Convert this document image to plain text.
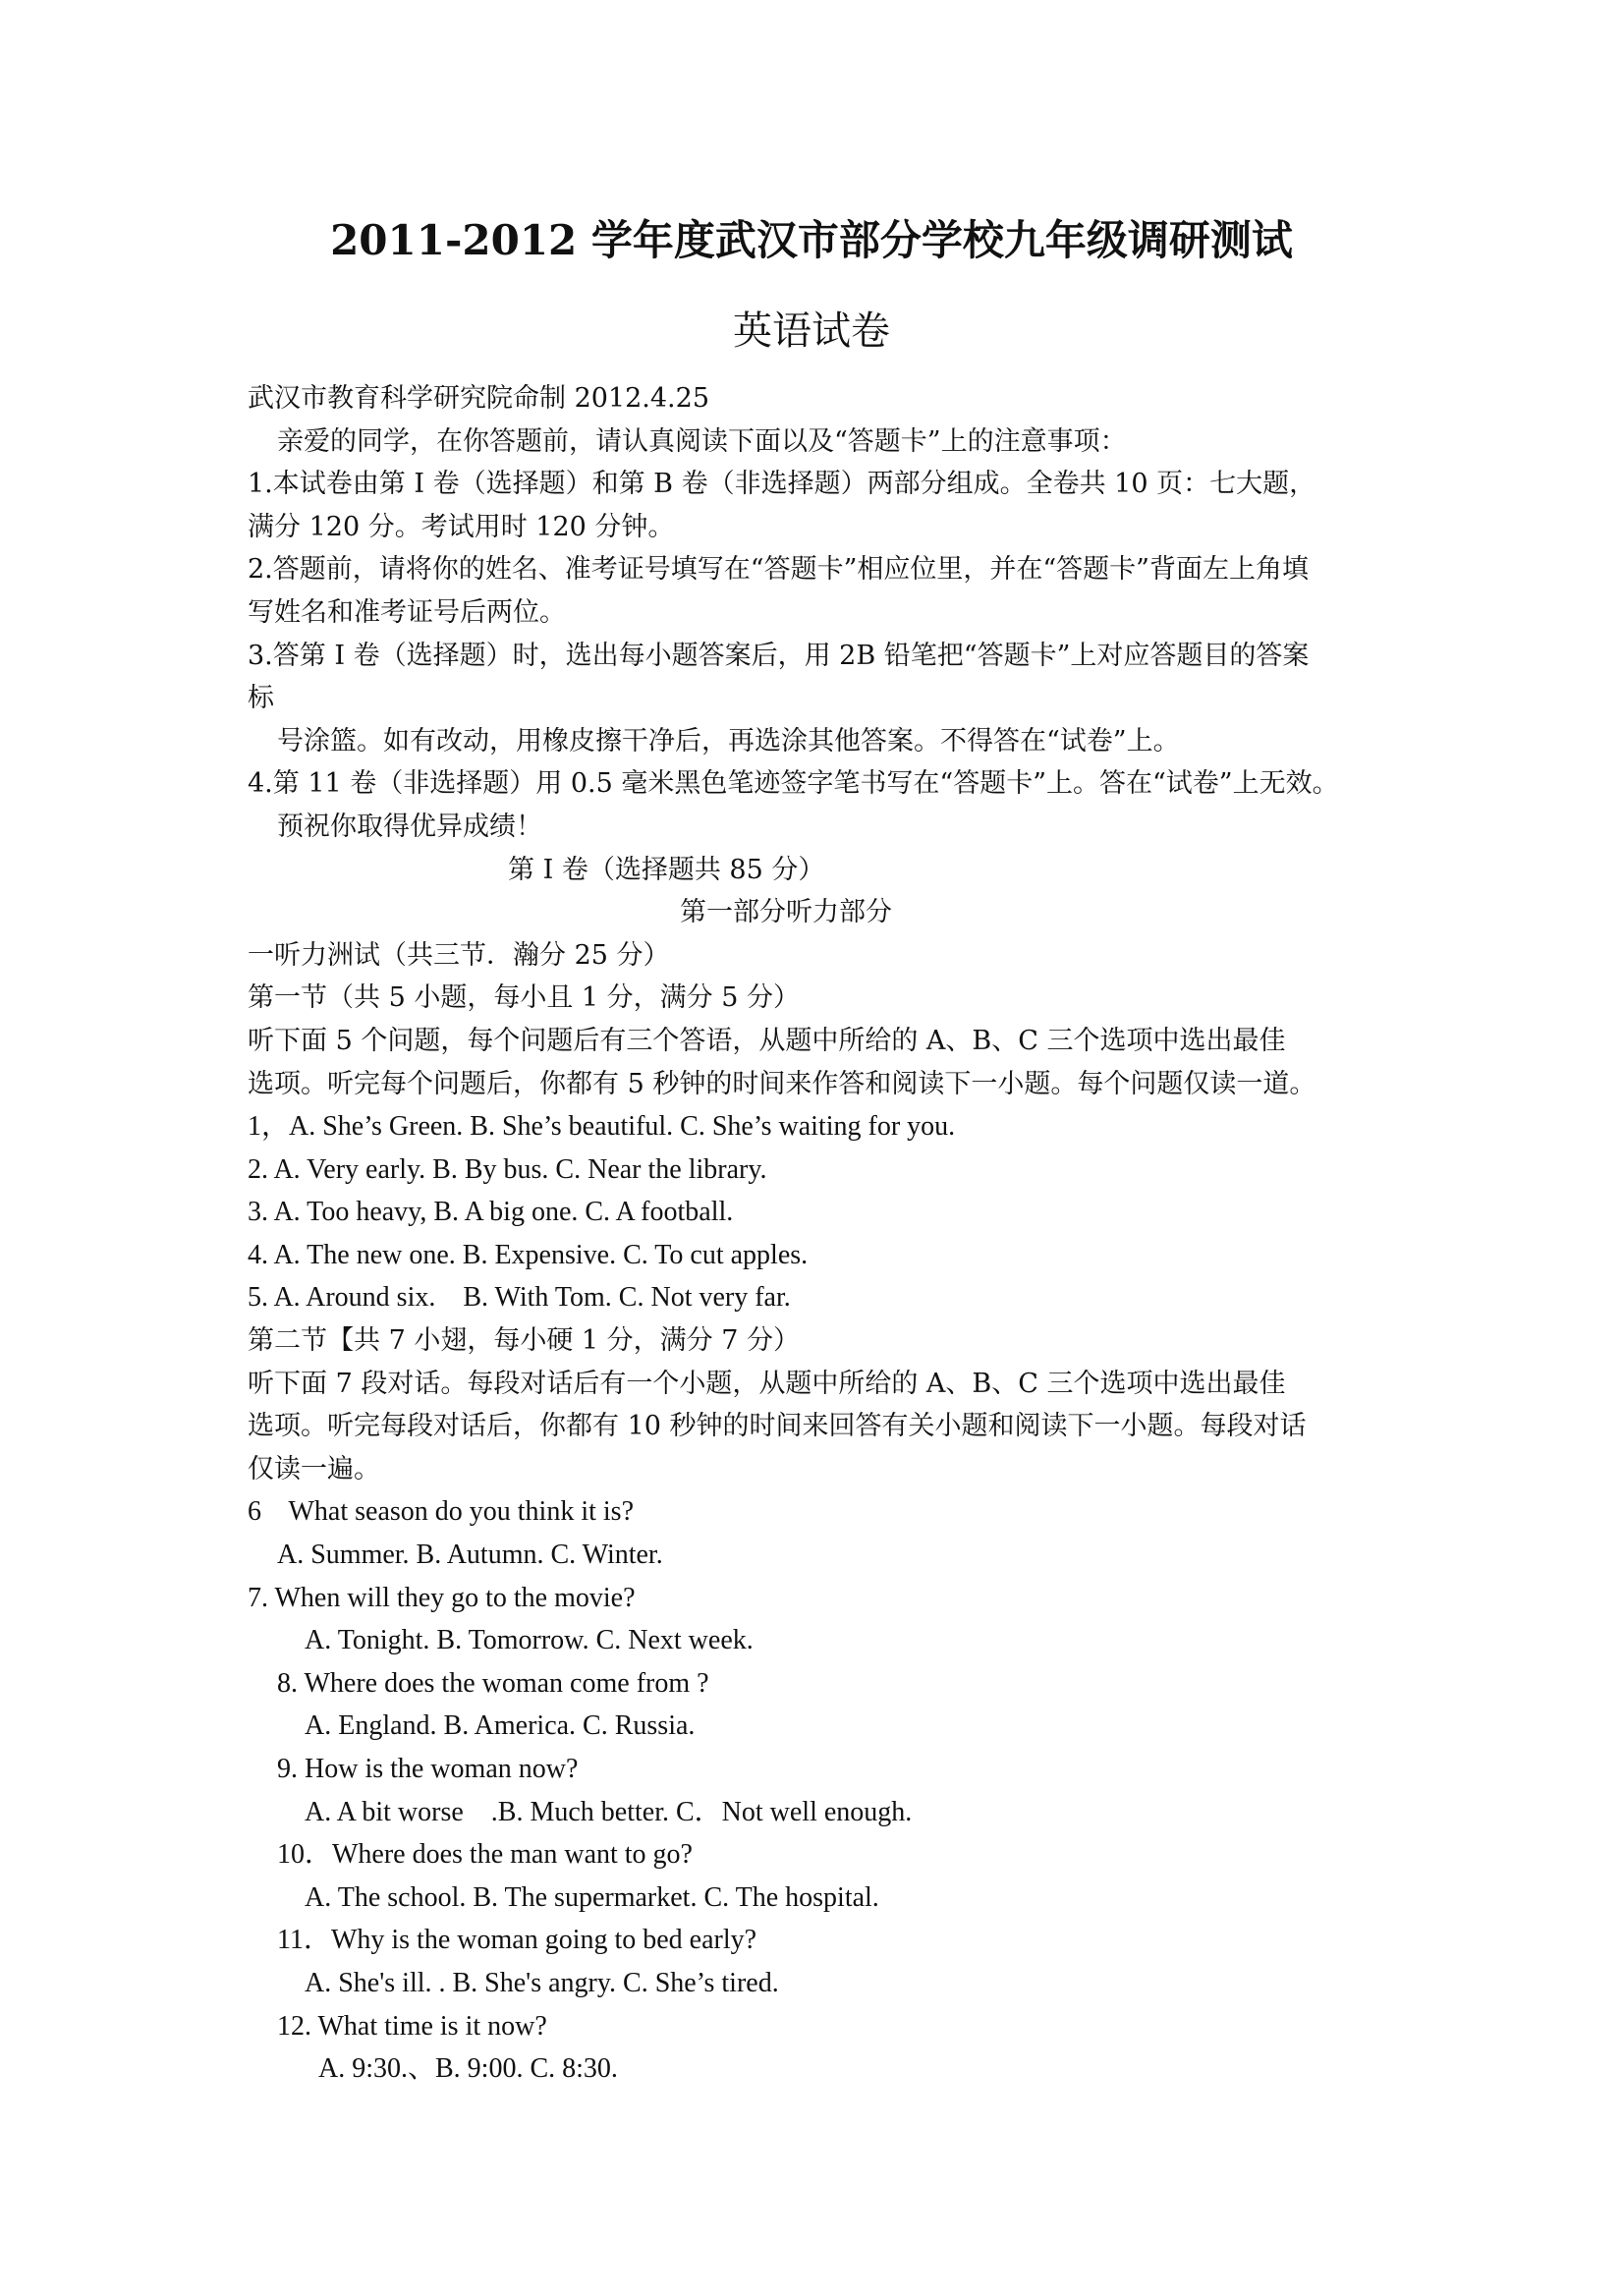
2011-2012 学年度武汉市部分学校九年级调研测试
英语试卷
武汉市教育科学研究院命制 2012.4.25
亲爱的同学，在你答题前，请认真阅读下面以及“答题卡”上的注意事项：
1.本试卷由第 I 卷（选择题）和第 B 卷（非选择题）两部分组成。全卷共 10 页：七大题，
满分 120 分。考试用时 120 分钟。
2.答题前，请将你的姓名、准考证号填写在“答题卡”相应位里，并在“答题卡”背面左上角填
写姓名和准考证号后两位。
3.答第 I 卷（选择题）时，选出每小题答案后，用 2B 铅笔把“答题卡”上对应答题目的答案
标
号涂篮。如有改动，用橡皮擦干净后，再选涂其他答案。不得答在“试卷”上。
4.第 11 卷（非选择题）用 0.5 毫米黑色笔迹签字笔书写在“答题卡”上。答在“试卷”上无效。
预祝你取得优异成绩！
第 I 卷（选择题共 85 分）
第一部分听力部分
一听力洲试（共三节．瀚分 25 分）
第一节（共 5 小题，每小且 1 分，满分 5 分）
听下面 5 个问题，每个问题后有三个答语，从题中所给的 A、B、C 三个选项中选出最佳
选项。听完每个问题后，你都有 5 秒钟的时间来作答和阅读下一小题。每个问题仅读一道。
1，A. She’s Green. B. She’s beautiful. C. She’s waiting for you.
2. A. Very early. B. By bus. C. Near the library.
3. A. Too heavy, B. A big one. C. A football.
4. A. The new one. B. Expensive. C. To cut apples.
5. A. Around six.    B. With Tom. C. Not very far.
第二节【共 7 小翅，每小硬 1 分，满分 7 分）
听下面 7 段对话。每段对话后有一个小题，从题中所给的 A、B、C 三个选项中选出最佳
选项。听完每段对话后，你都有 10 秒钟的时间来回答有关小题和阅读下一小题。每段对话
仅读一遍。
6    What season do you think it is?
A. Summer. B. Autumn. C. Winter.
7. When will they go to the movie?
A. Tonight. B. Tomorrow. C. Next week.
8. Where does the woman come from ?
A. England. B. America. C. Russia.
9. How is the woman now?
A. A bit worse    .B. Much better. C．Not well enough.
10．Where does the man want to go?
A. The school. B. The supermarket. C. The hospital.
11．Why is the woman going to bed early?
A. She's ill. . B. She's angry. C. She’s tired.
12. What time is it now?
A. 9:30.、B. 9:00. C. 8:30.
